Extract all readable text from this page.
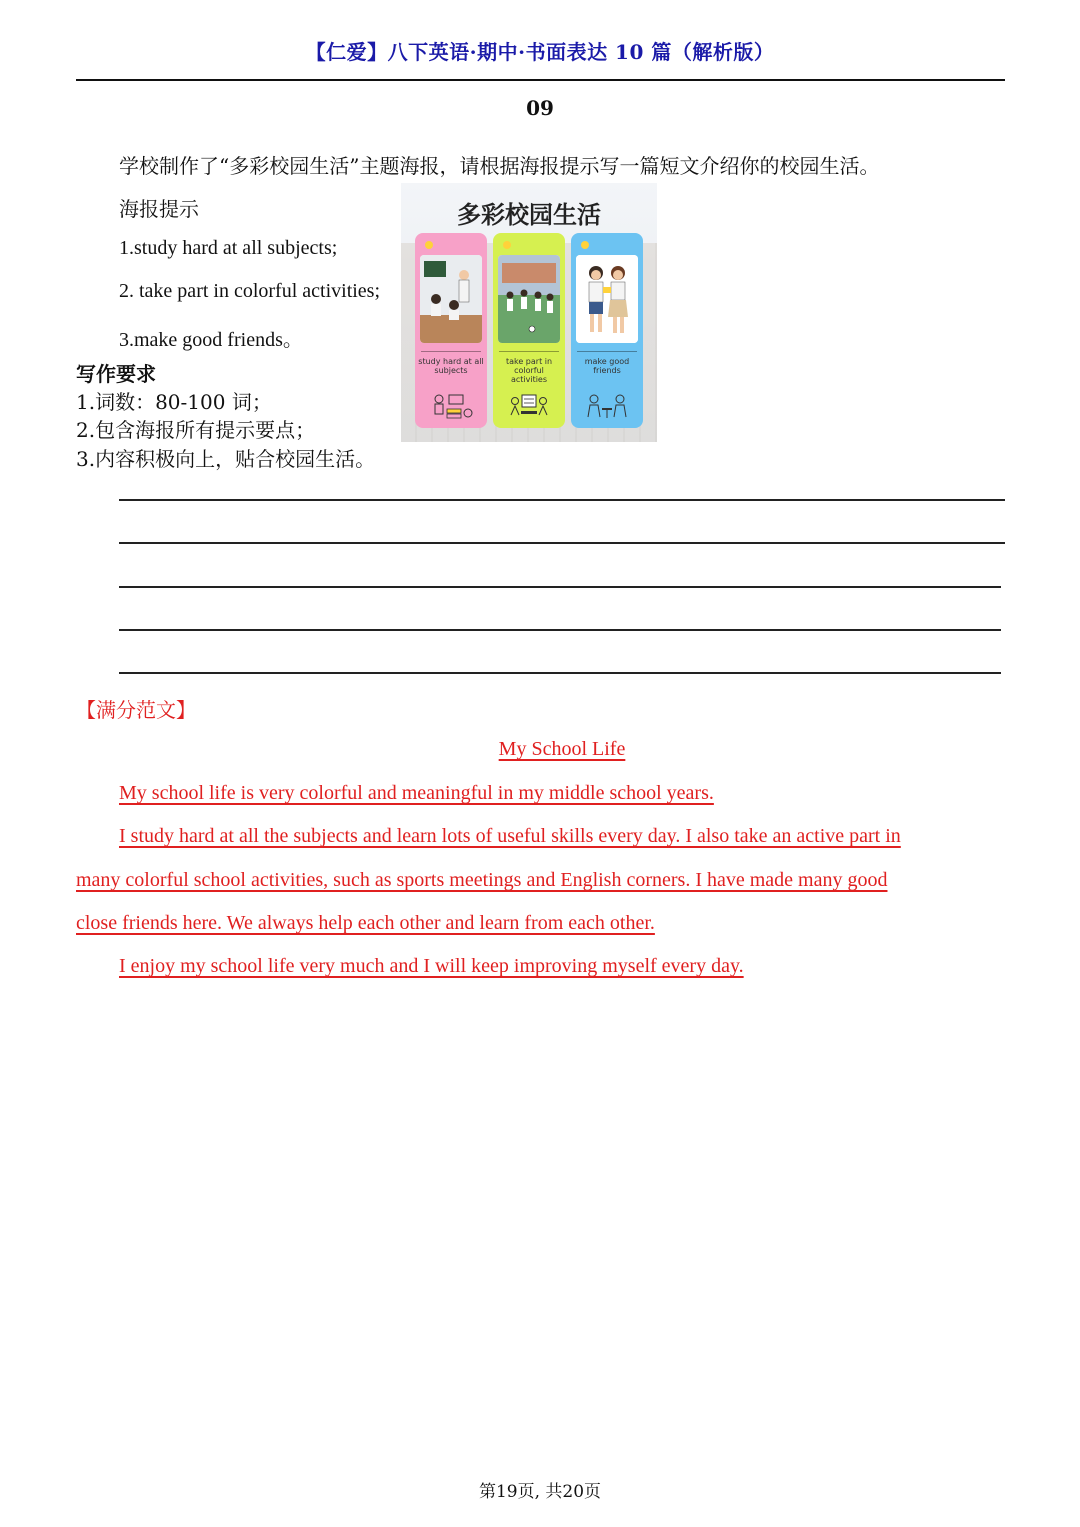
【仁爱】八下英语·期中·书面表达 10 篇（解析版）
09
学校制作了“多彩校园生活”主题海报，请根据海报提示写一篇短文介绍你的校园生活。
海报提示
1.study hard at all subjects;
2. take part in colorful activities;
3.make good friends。
写作要求
1.词数：80-100 词；
2.包含海报所有提示要点；
3.内容积极向上，贴合校园生活。
多彩校园生活
study hard at all subjects
take part in colorful activities
make good friends
【满分范文】
My School Life
My school life is very colorful and meaningful in my middle school years.
I study hard at all the subjects and learn lots of useful skills every day. I also take an active part in
many colorful school activities, such as sports meetings and English corners. I have made many good
close friends here. We always help each other and learn from each other.
I enjoy my school life very much and I will keep improving myself every day.
第19页, 共20页
